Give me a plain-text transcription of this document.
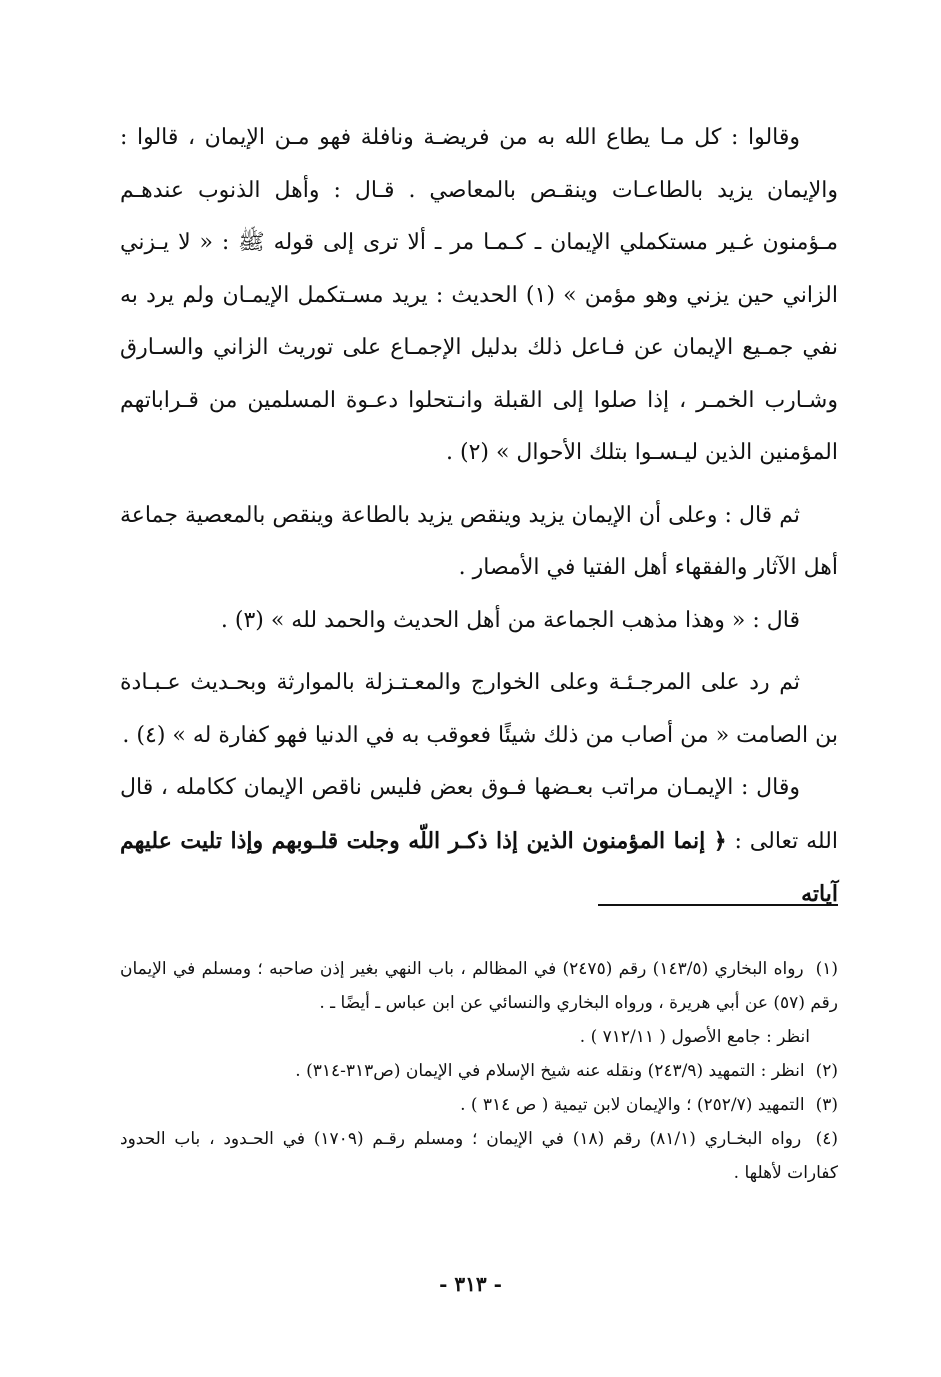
وقالوا : كل مـا يطاع الله به من فريضـة ونافلة فهو مـن الإيمان ، قالوا : والإيمان يزيد بالطاعـات وينقـص بالمعاصي . قـال : وأهل الذنوب عندهـم مـؤمنون غـير مستكملي الإيمان ـ كـمـا مر ـ ألا ترى إلى قوله ﷺ : « لا يـزني الزاني حين يزني وهو مؤمن » (١) الحديث : يريد مسـتكمل الإيمـان ولم يرد به نفي جمـيع الإيمان عن فـاعل ذلك بدليل الإجمـاع على توريث الزاني والسـارق وشـارب الخمـر ، إذا صلوا إلى القبلة وانـتحلوا دعـوة المسلمين من قـراباتهم المؤمنين الذين ليـسـوا بتلك الأحوال » (٢) .

ثم قال : وعلى أن الإيمان يزيد وينقص يزيد بالطاعة وينقص بالمعصية جماعة أهل الآثار والفقهاء أهل الفتيا في الأمصار .

قال : « وهذا مذهب الجماعة من أهل الحديث والحمد لله » (٣) .

ثم رد على المرجـئـة وعلى الخوارج والمعـتـزلة بالموارثة وبحـديث عـبـادة بن الصامت « من أصاب من ذلك شيئًا فعوقب به في الدنيا فهو كفارة له » (٤) .

وقال : الإيمـان مراتب بعـضها فـوق بعض فليس ناقص الإيمان ككامله ، قال الله تعالى : ﴿ إنما المؤمنون الذين إذا ذكـر اللّه وجلت قلـوبهم وإذا تليت عليهم آياته

(١) رواه البخاري (١٤٣/٥) رقم (٢٤٧٥) في المظالم ، باب النهي بغير إذن صاحبه ؛ ومسلم في الإيمان رقم (٥٧) عن أبي هريرة ، ورواه البخاري والنسائي عن ابن عباس ـ أيضًا ـ .
انظر : جامع الأصول ( ٧١٢/١١ ) .

(٢) انظر : التمهيد (٢٤٣/٩) ونقله عنه شيخ الإسلام في الإيمان (ص٣١٣-٣١٤) .

(٣) التمهيد (٢٥٢/٧) ؛ والإيمان لابن تيمية ( ص ٣١٤ ) .

(٤) رواه البخـاري (٨١/١) رقم (١٨) في الإيمان ؛ ومسلم رقـم (١٧٠٩) في الحـدود ، باب الحدود كفارات لأهلها .

- ٣١٣ -
